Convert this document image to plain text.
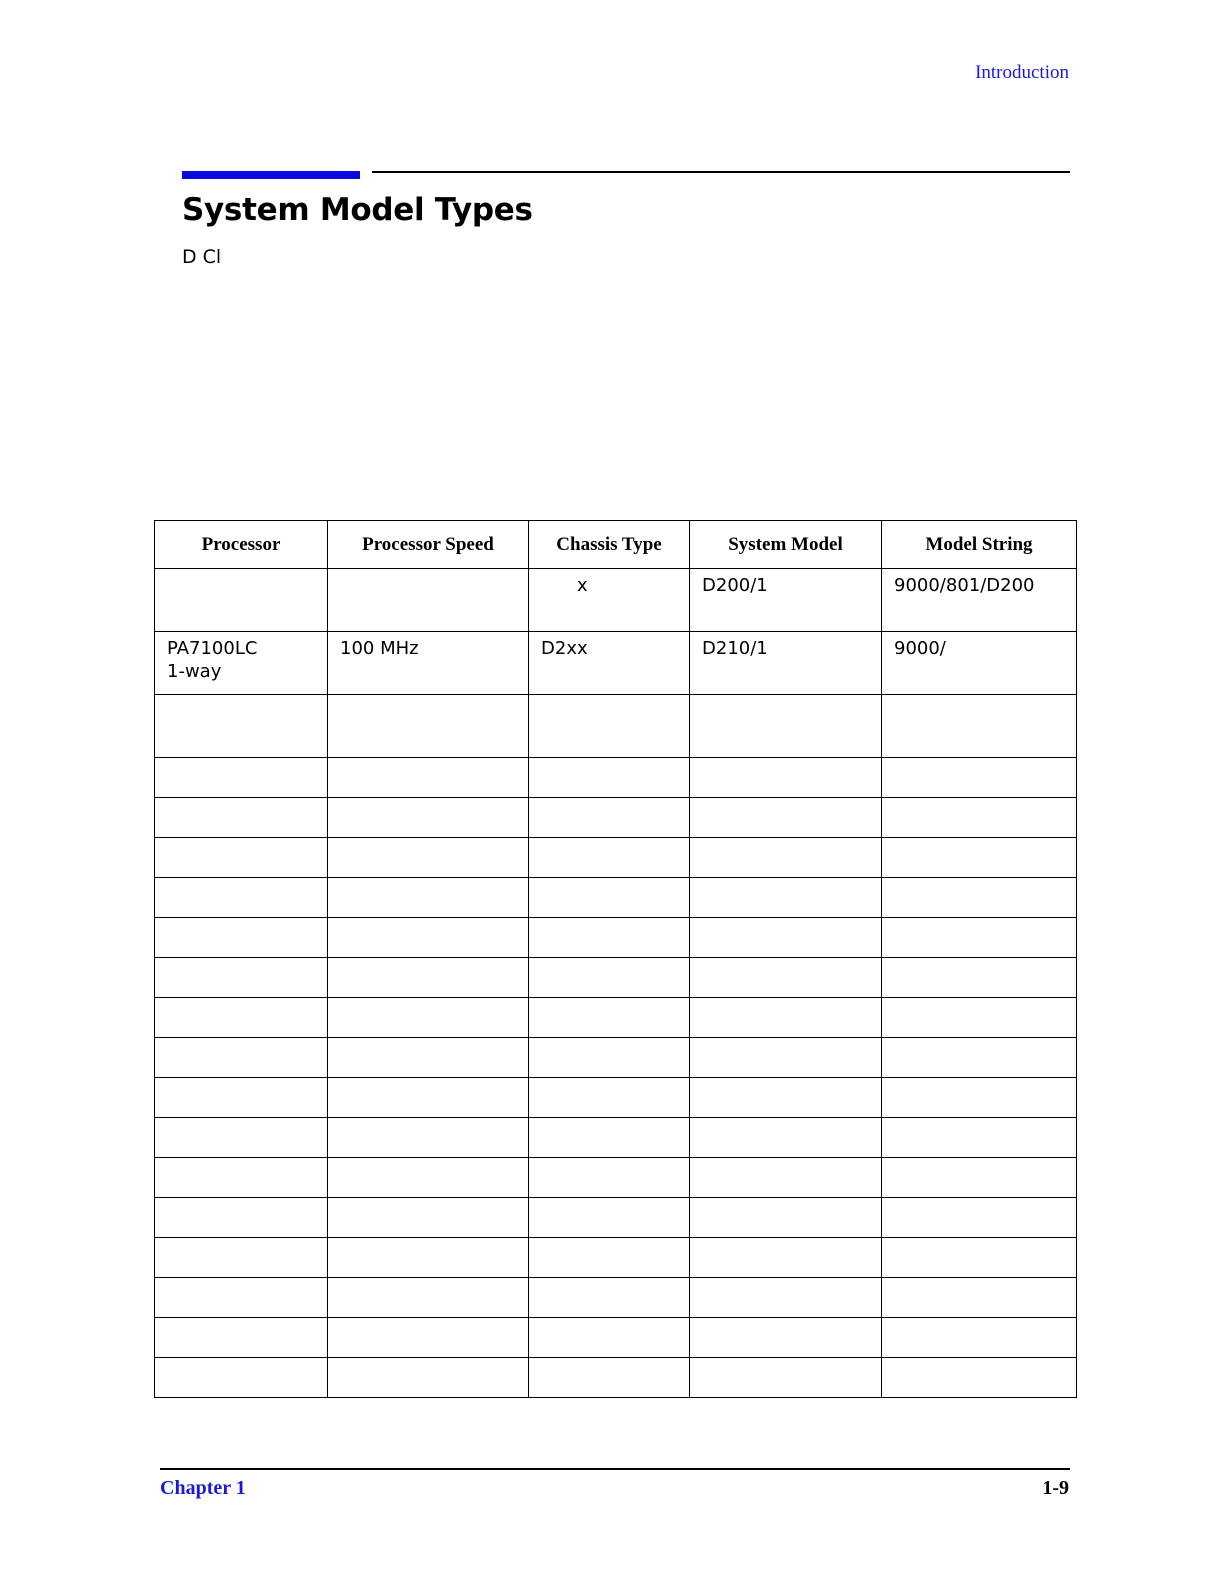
Introduction
System Model Types
D Cl
Processor	Processor Speed	Chassis Type	System Model	Model String

		x	D200/1	9000/801/D200

PA7100LC
1-way	100 MHz	D2xx	D210/1	9000/

Chapter 1	1-9
